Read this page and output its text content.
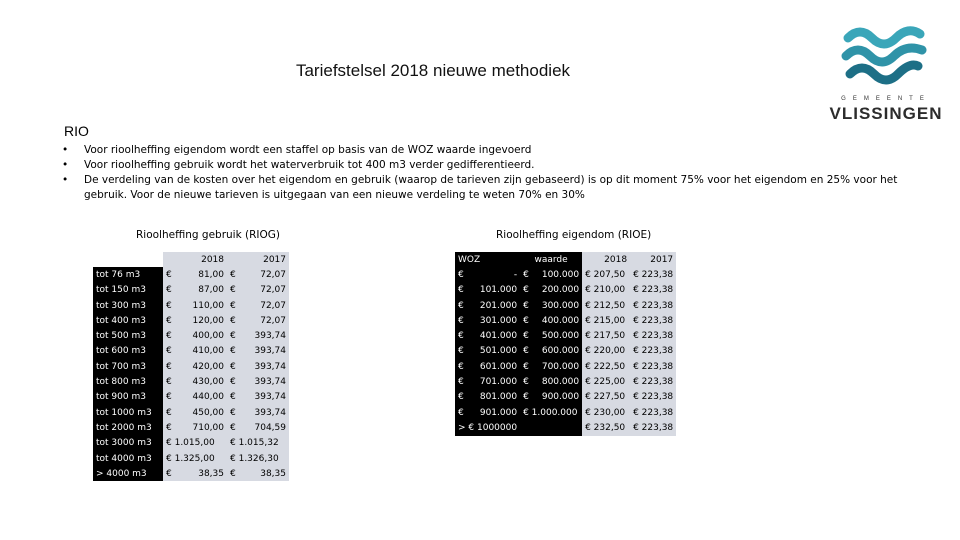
Tariefstelsel 2018 nieuwe methodiek
GEMEENTE
VLISSINGEN
RIO
• Voor rioolheffing eigendom wordt een staffel op basis van de WOZ waarde ingevoerd
• Voor rioolheffing gebruik wordt het waterverbruik tot 400 m3 verder gedifferentieerd.
• De verdeling van de kosten over het eigendom en gebruik (waarop de tarieven zijn gebaseerd) is op dit moment 75% voor het eigendom en 25% voor het gebruik. Voor de nieuwe tarieven is uitgegaan van een nieuwe verdeling te weten 70% en 30%
Rioolheffing gebruik (RIOG)	Rioolheffing eigendom (RIOE)
	2018	2017
tot 76 m3	€ 81,00	€ 72,07

tot 150 m3	€ 87,00	€ 72,07

tot 300 m3	€ 110,00	€ 72,07

tot 400 m3	€ 120,00	€ 72,07

tot 500 m3	€ 400,00	€ 393,74

tot 600 m3	€ 410,00	€ 393,74

tot 700 m3	€ 420,00	€ 393,74

tot 800 m3	€ 430,00	€ 393,74

tot 900 m3	€ 440,00	€ 393,74

tot 1000 m3	€ 450,00	€ 393,74

tot 2000 m3	€ 710,00	€ 704,59

tot 3000 m3	€ 1.015,00	€ 1.015,32
tot 4000 m3	€ 1.325,00	€ 1.326,30
> 4000 m3	€ 38,35	€ 38,35
WOZ	waarde	2018	2017

€ -	€ 100.000	€ 207,50	€ 223,38

€ 101.000	€ 200.000	€ 210,00	€ 223,38

€ 201.000	€ 300.000	€ 212,50	€ 223,38

€ 301.000	€ 400.000	€ 215,00	€ 223,38

€ 401.000	€ 500.000	€ 217,50	€ 223,38

€ 501.000	€ 600.000	€ 220,00	€ 223,38

€ 601.000	€ 700.000	€ 222,50	€ 223,38

€ 701.000	€ 800.000	€ 225,00	€ 223,38

€ 801.000	€ 900.000	€ 227,50	€ 223,38

€ 901.000	€ 1.000.000	€ 230,00	€ 223,38
> € 1000000		€ 232,50	€ 223,38
